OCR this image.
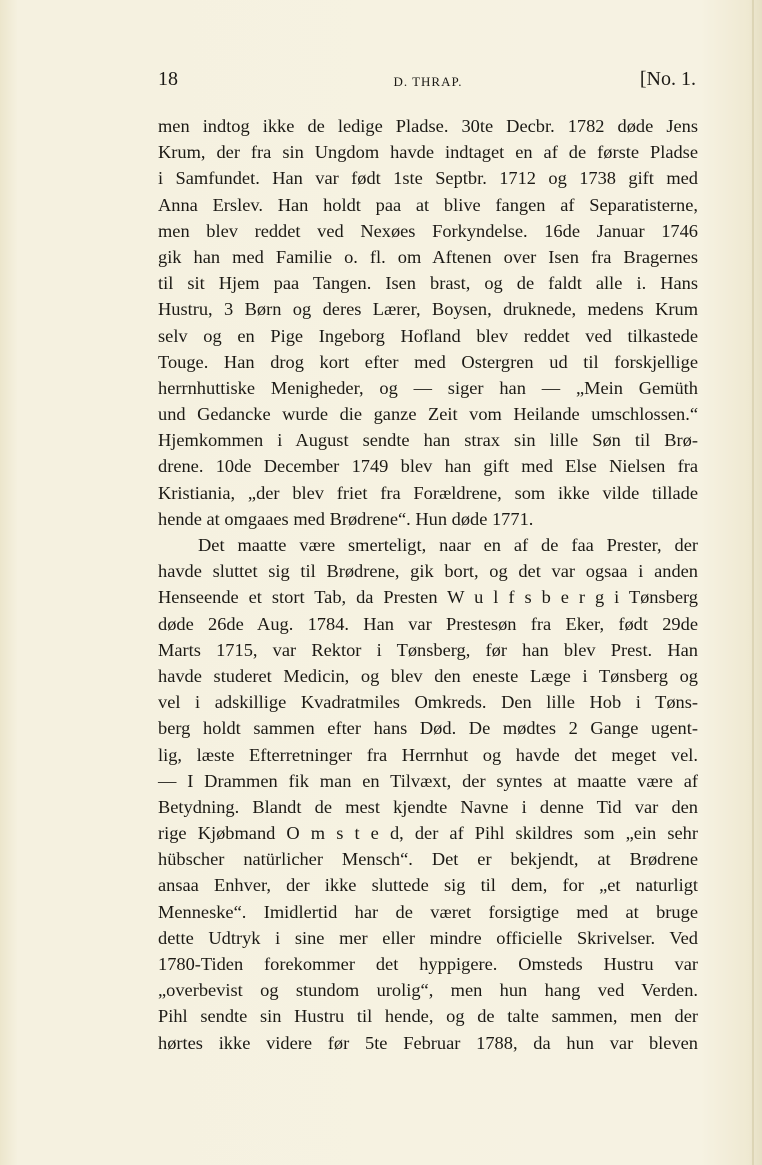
18	D. THRAP.	[No. 1.
men indtog ikke de ledige Pladse. 30te Decbr. 1782 døde Jens
Krum, der fra sin Ungdom havde indtaget en af de første Pladse
i Samfundet. Han var født 1ste Septbr. 1712 og 1738 gift med
Anna Erslev. Han holdt paa at blive fangen af Separatisterne,
men blev reddet ved Nexøes Forkyndelse. 16de Januar 1746
gik han med Familie o. fl. om Aftenen over Isen fra Bragernes
til sit Hjem paa Tangen. Isen brast, og de faldt alle i. Hans
Hustru, 3 Børn og deres Lærer, Boysen, druknede, medens Krum
selv og en Pige Ingeborg Hofland blev reddet ved tilkastede
Touge. Han drog kort efter med Ostergren ud til forskjellige
herrnhuttiske Menigheder, og — siger han — „Mein Gemüth
und Gedancke wurde die ganze Zeit vom Heilande umschlossen.“
Hjemkommen i August sendte han strax sin lille Søn til Brø-
drene. 10de December 1749 blev han gift med Else Nielsen fra
Kristiania, „der blev friet fra Forældrene, som ikke vilde tillade
hende at omgaaes med Brødrene“. Hun døde 1771.
Det maatte være smerteligt, naar en af de faa Prester, der
havde sluttet sig til Brødrene, gik bort, og det var ogsaa i anden
Henseende et stort Tab, da Presten W u l f s b e r g i Tønsberg
døde 26de Aug. 1784. Han var Prestesøn fra Eker, født 29de
Marts 1715, var Rektor i Tønsberg, før han blev Prest. Han
havde studeret Medicin, og blev den eneste Læge i Tønsberg og
vel i adskillige Kvadratmiles Omkreds. Den lille Hob i Tøns-
berg holdt sammen efter hans Død. De mødtes 2 Gange ugent-
lig, læste Efterretninger fra Herrnhut og havde det meget vel.
— I Drammen fik man en Tilvæxt, der syntes at maatte være af
Betydning. Blandt de mest kjendte Navne i denne Tid var den
rige Kjøbmand O m s t e d, der af Pihl skildres som „ein sehr
hübscher natürlicher Mensch“. Det er bekjendt, at Brødrene
ansaa Enhver, der ikke sluttede sig til dem, for „et naturligt
Menneske“. Imidlertid har de været forsigtige med at bruge
dette Udtryk i sine mer eller mindre officielle Skrivelser. Ved
1780-Tiden forekommer det hyppigere. Omsteds Hustru var
„overbevist og stundom urolig“, men hun hang ved Verden.
Pihl sendte sin Hustru til hende, og de talte sammen, men der
hørtes ikke videre før 5te Februar 1788, da hun var bleven
